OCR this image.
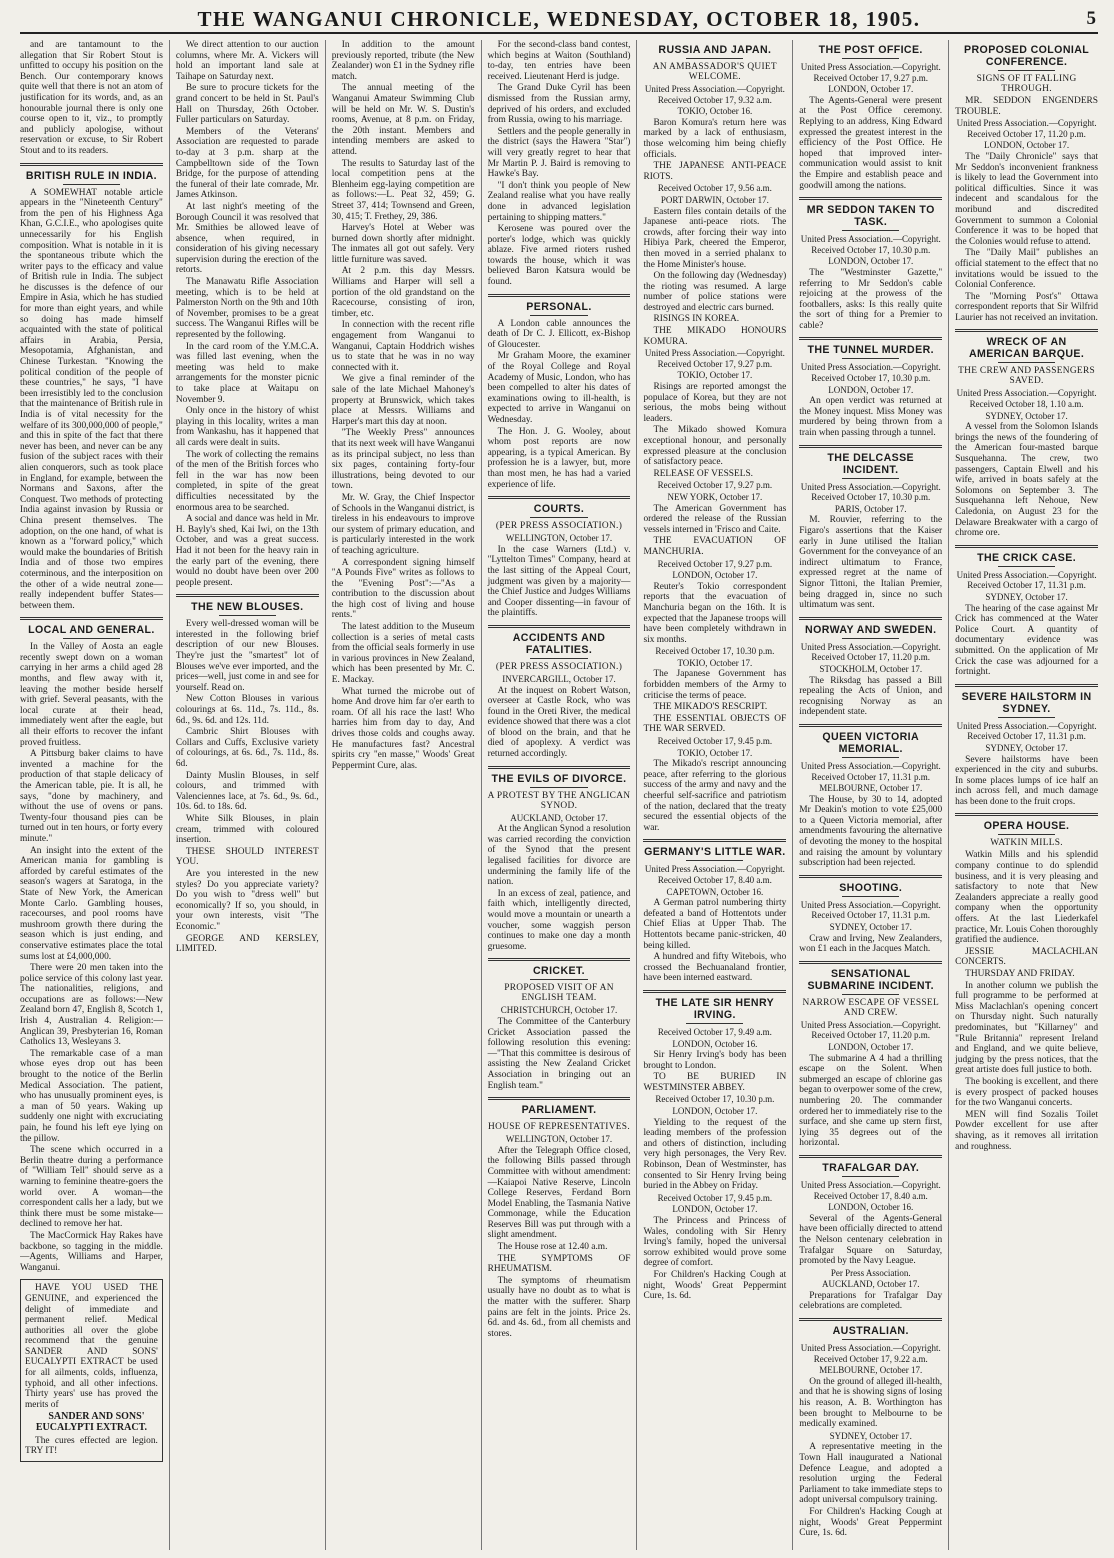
THE WANGANUI CHRONICLE, WEDNESDAY, OCTOBER 18, 1905.	5

and are tantamount to the allegation that Sir Robert Stout is unfitted to occupy his position on the Bench. Our contemporary knows quite well that there is not an atom of justification for its words, and, as an honourable journal there is only one course open to it, viz., to promptly and publicly apologise, without reservation or excuse, to Sir Robert Stout and to its readers.

BRITISH RULE IN INDIA.

A SOMEWHAT notable article appears in the "Nineteenth Century" from the pen of his Highness Aga Khan, G.C.I.E., who apologises quite unnecessarily for his English composition. What is notable in it is the spontaneous tribute which the writer pays to the efficacy and value of British rule in India. The subject he discusses is the defence of our Empire in Asia, which he has studied for more than eight years, and while so doing has made himself acquainted with the state of political affairs in Arabia, Persia, Mesopotamia, Afghanistan, and Chinese Turkestan. "Knowing the political condition of the people of these countries," he says, "I have been irresistibly led to the conclusion that the maintenance of British rule in India is of vital necessity for the welfare of its 300,000,000 of people," and this in spite of the fact that there never has been, and never can be any fusion of the subject races with their alien conquerors, such as took place in England, for example, between the Normans and Saxons, after the Conquest. Two methods of protecting India against invasion by Russia or China present themselves. The adoption, on the one hand, of what is known as a "forward policy," which would make the boundaries of British India and of those two empires coterminous, and the interposition on the other of a wide neutral zone—really independent buffer States—between them.

LOCAL AND GENERAL.

In the Valley of Aosta an eagle recently swept down on a woman carrying in her arms a child aged 28 months, and flew away with it, leaving the mother beside herself with grief. Several peasants, with the local curate at their head, immediately went after the eagle, but all their efforts to recover the infant proved fruitless.

A Pittsburg baker claims to have invented a machine for the production of that staple delicacy of the American table, pie. It is all, he says, "done by machinery, and without the use of ovens or pans. Twenty-four thousand pies can be turned out in ten hours, or forty every minute."

An insight into the extent of the American mania for gambling is afforded by careful estimates of the season's wagers at Saratoga, in the State of New York, the American Monte Carlo. Gambling houses, racecourses, and pool rooms have mushroom growth there during the season which is just ending, and conservative estimates place the total sums lost at £4,000,000.

There were 20 men taken into the police service of this colony last year. The nationalities, religions, and occupations are as follows:—New Zealand born 47, English 8, Scotch 1, Irish 4, Australian 4. Religion:—Anglican 39, Presbyterian 16, Roman Catholics 13, Wesleyans 3.

The remarkable case of a man whose eyes drop out has been brought to the notice of the Berlin Medical Association. The patient, who has unusually prominent eyes, is a man of 50 years. Waking up suddenly one night with excruciating pain, he found his left eye lying on the pillow.

The scene which occurred in a Berlin theatre during a performance of "William Tell" should serve as a warning to feminine theatre-goers the world over. A woman—the correspondent calls her a lady, but we think there must be some mistake—declined to remove her hat.

The MacCormick Hay Rakes have backbone, so tagging in the middle.—Agents, Williams and Harper, Wanganui.

HAVE YOU USED THE GENUINE, and experienced the delight of immediate and permanent relief. Medical authorities all over the globe recommend that the genuine SANDER AND SONS' EUCALYPTI EXTRACT be used for all ailments, colds, influenza, typhoid, and all other infections. Thirty years' use has proved the merits of

SANDER AND SONS' EUCALYPTI EXTRACT.

The cures effected are legion. TRY IT!

We direct attention to our auction columns, where Mr. A. Vickers will hold an important land sale at Taihape on Saturday next.

Be sure to procure tickets for the grand concert to be held in St. Paul's Hall on Thursday, 26th October. Fuller particulars on Saturday.

Members of the Veterans' Association are requested to parade to-day at 3 p.m. sharp at the Campbelltown side of the Town Bridge, for the purpose of attending the funeral of their late comrade, Mr. James Atkinson.

At last night's meeting of the Borough Council it was resolved that Mr. Smithies be allowed leave of absence, when required, in consideration of his giving necessary supervision during the erection of the retorts.

The Manawatu Rifle Association meeting, which is to be held at Palmerston North on the 9th and 10th of November, promises to be a great success. The Wanganui Rifles will be represented by the following.

In the card room of the Y.M.C.A. was filled last evening, when the meeting was held to make arrangements for the monster picnic to take place at Waitapu on November 9.

Only once in the history of whist playing in this locality, writes a man from Wankashu, has it happened that all cards were dealt in suits.

The work of collecting the remains of the men of the British forces who fell in the war has now been completed, in spite of the great difficulties necessitated by the enormous area to be searched.

A social and dance was held in Mr. H. Bayly's shed, Kai Iwi, on the 13th October, and was a great success. Had it not been for the heavy rain in the early part of the evening, there would no doubt have been over 200 people present.

THE NEW BLOUSES.

Every well-dressed woman will be interested in the following brief description of our new Blouses. They're just the "smartest" lot of Blouses we've ever imported, and the prices—well, just come in and see for yourself. Read on.

New Cotton Blouses in various colourings at 6s. 11d., 7s. 11d., 8s. 6d., 9s. 6d. and 12s. 11d.

Cambric Shirt Blouses with Collars and Cuffs, Exclusive variety of colourings, at 6s. 6d., 7s. 11d., 8s. 6d.

Dainty Muslin Blouses, in self colours, and trimmed with Valenciennes lace, at 7s. 6d., 9s. 6d., 10s. 6d. to 18s. 6d.

White Silk Blouses, in plain cream, trimmed with coloured insertion.

THESE SHOULD INTEREST YOU.

Are you interested in the new styles? Do you appreciate variety? Do you wish to "dress well" but economically? If so, you should, in your own interests, visit "The Economic."

GEORGE AND KERSLEY, LIMITED.

In addition to the amount previously reported, tribute (the New Zealander) won £1 in the Sydney rifle match.

The annual meeting of the Wanganui Amateur Swimming Club will be held on Mr. W. S. Dustin's rooms, Avenue, at 8 p.m. on Friday, the 20th instant. Members and intending members are asked to attend.

The results to Saturday last of the local competition pens at the Blenheim egg-laying competition are as follows:—L. Peat 32, 459; G. Street 37, 414; Townsend and Green, 30, 415; T. Frethey, 29, 386.

Harvey's Hotel at Weber was burned down shortly after midnight. The inmates all got out safely. Very little furniture was saved.

At 2 p.m. this day Messrs. Williams and Harper will sell a portion of the old grandstand on the Racecourse, consisting of iron, timber, etc.

In connection with the recent rifle engagement from Wanganui to Wanganui, Captain Hoddrich wishes us to state that he was in no way connected with it.

We give a final reminder of the sale of the late Michael Mahoney's property at Brunswick, which takes place at Messrs. Williams and Harper's mart this day at noon.

"The Weekly Press" announces that its next week will have Wanganui as its principal subject, no less than six pages, containing forty-four illustrations, being devoted to our town.

Mr. W. Gray, the Chief Inspector of Schools in the Wanganui district, is tireless in his endeavours to improve our system of primary education, and is particularly interested in the work of teaching agriculture.

A correspondent signing himself "A Pounds Five" writes as follows to the "Evening Post":—"As a contribution to the discussion about the high cost of living and house rents."

The latest addition to the Museum collection is a series of metal casts from the official seals formerly in use in various provinces in New Zealand, which has been presented by Mr. C. E. Mackay.

What turned the microbe out of home And drove him far o'er earth to roam. Of all his race the last! Who harries him from day to day, And drives those colds and coughs away. He manufactures fast? Ancestral spirits cry "en masse," Woods' Great Peppermint Cure, alas.

For the second-class band contest, which begins at Waiton (Southland) to-day, ten entries have been received. Lieutenant Herd is judge.

The Grand Duke Cyril has been dismissed from the Russian army, deprived of his orders, and excluded from Russia, owing to his marriage.

Settlers and the people generally in the district (says the Hawera "Star") will very greatly regret to hear that Mr Martin P. J. Baird is removing to Hawke's Bay.

"I don't think you people of New Zealand realise what you have really done in advanced legislation pertaining to shipping matters."

Kerosene was poured over the porter's lodge, which was quickly ablaze. Five armed rioters rushed towards the house, which it was believed Baron Katsura would be found.

PERSONAL.

A London cable announces the death of Dr C. J. Ellicott, ex-Bishop of Gloucester.

Mr Graham Moore, the examiner of the Royal College and Royal Academy of Music, London, who has been compelled to alter his dates of examinations owing to ill-health, is expected to arrive in Wanganui on Wednesday.

The Hon. J. G. Wooley, about whom post reports are now appearing, is a typical American. By profession he is a lawyer, but, more than most men, he has had a varied experience of life.

COURTS.
(PER PRESS ASSOCIATION.)

WELLINGTON, October 17.

In the case Warners (Ltd.) v. "Lyttelton Times" Company, heard at the last sitting of the Appeal Court, judgment was given by a majority—the Chief Justice and Judges Williams and Cooper dissenting—in favour of the plaintiffs.

ACCIDENTS AND FATALITIES.
(PER PRESS ASSOCIATION.)

INVERCARGILL, October 17.

At the inquest on Robert Watson, overseer at Castle Rock, who was found in the Oreti River, the medical evidence showed that there was a clot of blood on the brain, and that he died of apoplexy. A verdict was returned accordingly.

THE EVILS OF DIVORCE.
A PROTEST BY THE ANGLICAN SYNOD.

AUCKLAND, October 17.

At the Anglican Synod a resolution was carried recording the conviction of the Synod that the present legalised facilities for divorce are undermining the family life of the nation.

In an excess of zeal, patience, and faith which, intelligently directed, would move a mountain or unearth a voucher, some waggish person continues to make one day a month gruesome.

CRICKET.
PROPOSED VISIT OF AN ENGLISH TEAM.

CHRISTCHURCH, October 17.

The Committee of the Canterbury Cricket Association passed the following resolution this evening:—"That this committee is desirous of assisting the New Zealand Cricket Association in bringing out an English team."

PARLIAMENT.
HOUSE OF REPRESENTATIVES.

WELLINGTON, October 17.

After the Telegraph Office closed, the following Bills passed through Committee with without amendment:—Kaiapoi Native Reserve, Lincoln College Reserves, Ferdand Born Model Enabling, the Tasmania Native Commonage, while the Education Reserves Bill was put through with a slight amendment.

The House rose at 12.40 a.m.

THE SYMPTOMS OF RHEUMATISM.

The symptoms of rheumatism usually have no doubt as to what is the matter with the sufferer. Sharp pains are felt in the joints. Price 2s. 6d. and 4s. 6d., from all chemists and stores.

RUSSIA AND JAPAN.
AN AMBASSADOR'S QUIET WELCOME.

United Press Association.—Copyright. Received October 17, 9.32 a.m.

TOKIO, October 16.

Baron Komura's return here was marked by a lack of enthusiasm, those welcoming him being chiefly officials.

THE JAPANESE ANTI-PEACE RIOTS.

Received October 17, 9.56 a.m.

PORT DARWIN, October 17.

Eastern files contain details of the Japanese anti-peace riots. The crowds, after forcing their way into Hibiya Park, cheered the Emperor, then moved in a serried phalanx to the Home Minister's house.

On the following day (Wednesday) the rioting was resumed. A large number of police stations were destroyed and electric cars burned.

RISINGS IN KOREA.

THE MIKADO HONOURS KOMURA.

United Press Association.—Copyright. Received October 17, 9.27 p.m.

TOKIO, October 17.

Risings are reported amongst the populace of Korea, but they are not serious, the mobs being without leaders.

The Mikado showed Komura exceptional honour, and personally expressed pleasure at the conclusion of satisfactory peace.

RELEASE OF VESSELS.

Received October 17, 9.27 p.m.

NEW YORK, October 17.

The American Government has ordered the release of the Russian vessels interned in 'Frisco and Caite.

THE EVACUATION OF MANCHURIA.

Received October 17, 9.27 p.m.

LONDON, October 17.

Reuter's Tokio correspondent reports that the evacuation of Manchuria began on the 16th. It is expected that the Japanese troops will have been completely withdrawn in six months.

Received October 17, 10.30 p.m.

TOKIO, October 17.

The Japanese Government has forbidden members of the Army to criticise the terms of peace.

THE MIKADO'S RESCRIPT.

THE ESSENTIAL OBJECTS OF THE WAR SERVED.

Received October 17, 9.45 p.m.

TOKIO, October 17.

The Mikado's rescript announcing peace, after referring to the glorious success of the army and navy and the cheerful self-sacrifice and patriotism of the nation, declared that the treaty secured the essential objects of the war.

GERMANY'S LITTLE WAR.

United Press Association.—Copyright. Received October 17, 8.40 a.m.

CAPETOWN, October 16.

A German patrol numbering thirty defeated a band of Hottentots under Chief Elias at Upper Thab. The Hottentots became panic-stricken, 40 being killed.

A hundred and fifty Witebois, who crossed the Bechuanaland frontier, have been interned eastward.

THE LATE SIR HENRY IRVING.

Received October 17, 9.49 a.m.

LONDON, October 16.

Sir Henry Irving's body has been brought to London.

TO BE BURIED IN WESTMINSTER ABBEY.

Received October 17, 10.30 p.m.

LONDON, October 17.

Yielding to the request of the leading members of the profession and others of distinction, including very high personages, the Very Rev. Robinson, Dean of Westminster, has consented to Sir Henry Irving being buried in the Abbey on Friday.

Received October 17, 9.45 p.m.

LONDON, October 17.

The Princess and Princess of Wales, condoling with Sir Henry Irving's family, hoped the universal sorrow exhibited would prove some degree of comfort.

For Children's Hacking Cough at night, Woods' Great Peppermint Cure, 1s. 6d.

THE POST OFFICE.

United Press Association.—Copyright. Received October 17, 9.27 p.m.

LONDON, October 17.

The Agents-General were present at the Post Office ceremony. Replying to an address, King Edward expressed the greatest interest in the efficiency of the Post Office. He hoped that improved inter-communication would assist to knit the Empire and establish peace and goodwill among the nations.

MR SEDDON TAKEN TO TASK.

United Press Association.—Copyright. Received October 17, 10.30 p.m.

LONDON, October 17.

The "Westminster Gazette," referring to Mr Seddon's cable rejoicing at the prowess of the footballers, asks: Is this really quite the sort of thing for a Premier to cable?

THE TUNNEL MURDER.

United Press Association.—Copyright. Received October 17, 10.30 p.m.

LONDON, October 17.

An open verdict was returned at the Money inquest. Miss Money was murdered by being thrown from a train when passing through a tunnel.

THE DELCASSE INCIDENT.

United Press Association.—Copyright. Received October 17, 10.30 p.m.

PARIS, October 17.

M. Rouvier, referring to the Figaro's assertions that the Kaiser early in June utilised the Italian Government for the conveyance of an indirect ultimatum to France, expressed regret at the name of Signor Tittoni, the Italian Premier, being dragged in, since no such ultimatum was sent.

NORWAY AND SWEDEN.

United Press Association.—Copyright. Received October 17, 11.20 p.m.

STOCKHOLM, October 17.

The Riksdag has passed a Bill repealing the Acts of Union, and recognising Norway as an independent state.

QUEEN VICTORIA MEMORIAL.

United Press Association.—Copyright. Received October 17, 11.31 p.m.

MELBOURNE, October 17.

The House, by 30 to 14, adopted Mr Deakin's motion to vote £25,000 to a Queen Victoria memorial, after amendments favouring the alternative of devoting the money to the hospital and raising the amount by voluntary subscription had been rejected.

SHOOTING.

United Press Association.—Copyright. Received October 17, 11.31 p.m.

SYDNEY, October 17.

Craw and Irving, New Zealanders, won £1 each in the Jacques Match.

SENSATIONAL SUBMARINE INCIDENT.
NARROW ESCAPE OF VESSEL AND CREW.

United Press Association.—Copyright. Received October 17, 11.20 p.m.

LONDON, October 17.

The submarine A 4 had a thrilling escape on the Solent. When submerged an escape of chlorine gas began to overpower some of the crew, numbering 20. The commander ordered her to immediately rise to the surface, and she came up stern first, lying 35 degrees out of the horizontal.

TRAFALGAR DAY.

United Press Association.—Copyright. Received October 17, 8.40 a.m.

LONDON, October 16.

Several of the Agents-General have been officially directed to attend the Nelson centenary celebration in Trafalgar Square on Saturday, promoted by the Navy League.

Per Press Association.

AUCKLAND, October 17.

Preparations for Trafalgar Day celebrations are completed.

AUSTRALIAN.

United Press Association.—Copyright. Received October 17, 9.22 a.m.

MELBOURNE, October 17.

On the ground of alleged ill-health, and that he is showing signs of losing his reason, A. B. Worthington has been brought to Melbourne to be medically examined.

SYDNEY, October 17.

A representative meeting in the Town Hall inaugurated a National Defence League, and adopted a resolution urging the Federal Parliament to take immediate steps to adopt universal compulsory training.

For Children's Hacking Cough at night, Woods' Great Peppermint Cure, 1s. 6d.

PROPOSED COLONIAL CONFERENCE.
SIGNS OF IT FALLING THROUGH.

MR. SEDDON ENGENDERS TROUBLE.

United Press Association.—Copyright. Received October 17, 11.20 p.m.

LONDON, October 17.

The "Daily Chronicle" says that Mr Seddon's inconvenient frankness is likely to lead the Government into political difficulties. Since it was indecent and scandalous for the moribund and discredited Government to summon a Colonial Conference it was to be hoped that the Colonies would refuse to attend.

The "Daily Mail" publishes an official statement to the effect that no invitations would be issued to the Colonial Conference.

The "Morning Post's" Ottawa correspondent reports that Sir Wilfrid Laurier has not received an invitation.

WRECK OF AN AMERICAN BARQUE.
THE CREW AND PASSENGERS SAVED.

United Press Association.—Copyright. Received October 18, 1.10 a.m.

SYDNEY, October 17.

A vessel from the Solomon Islands brings the news of the foundering of the American four-masted barque Susquehanna. The crew, two passengers, Captain Elwell and his wife, arrived in boats safely at the Solomons on September 3. The Susquehanna left Nehoue, New Caledonia, on August 23 for the Delaware Breakwater with a cargo of chrome ore.

THE CRICK CASE.

United Press Association.—Copyright. Received October 17, 11.31 p.m.

SYDNEY, October 17.

The hearing of the case against Mr Crick has commenced at the Water Police Court. A quantity of documentary evidence was submitted. On the application of Mr Crick the case was adjourned for a fortnight.

SEVERE HAILSTORM IN SYDNEY.

United Press Association.—Copyright. Received October 17, 11.31 p.m.

SYDNEY, October 17.

Severe hailstorms have been experienced in the city and suburbs. In some places lumps of ice half an inch across fell, and much damage has been done to the fruit crops.

OPERA HOUSE.
WATKIN MILLS.

Watkin Mills and his splendid company continue to do splendid business, and it is very pleasing and satisfactory to note that New Zealanders appreciate a really good company when the opportunity offers. At the last Liederkafel practice, Mr. Louis Cohen thoroughly gratified the audience.

JESSIE MACLACHLAN CONCERTS.

THURSDAY AND FRIDAY.

In another column we publish the full programme to be performed at Miss Maclachlan's opening concert on Thursday night. Such naturally predominates, but "Killarney" and "Rule Britannia" represent Ireland and England, and we quite believe, judging by the press notices, that the great artiste does full justice to both.

The booking is excellent, and there is every prospect of packed houses for the two Wanganui concerts.

MEN will find Sozalis Toilet Powder excellent for use after shaving, as it removes all irritation and roughness.
